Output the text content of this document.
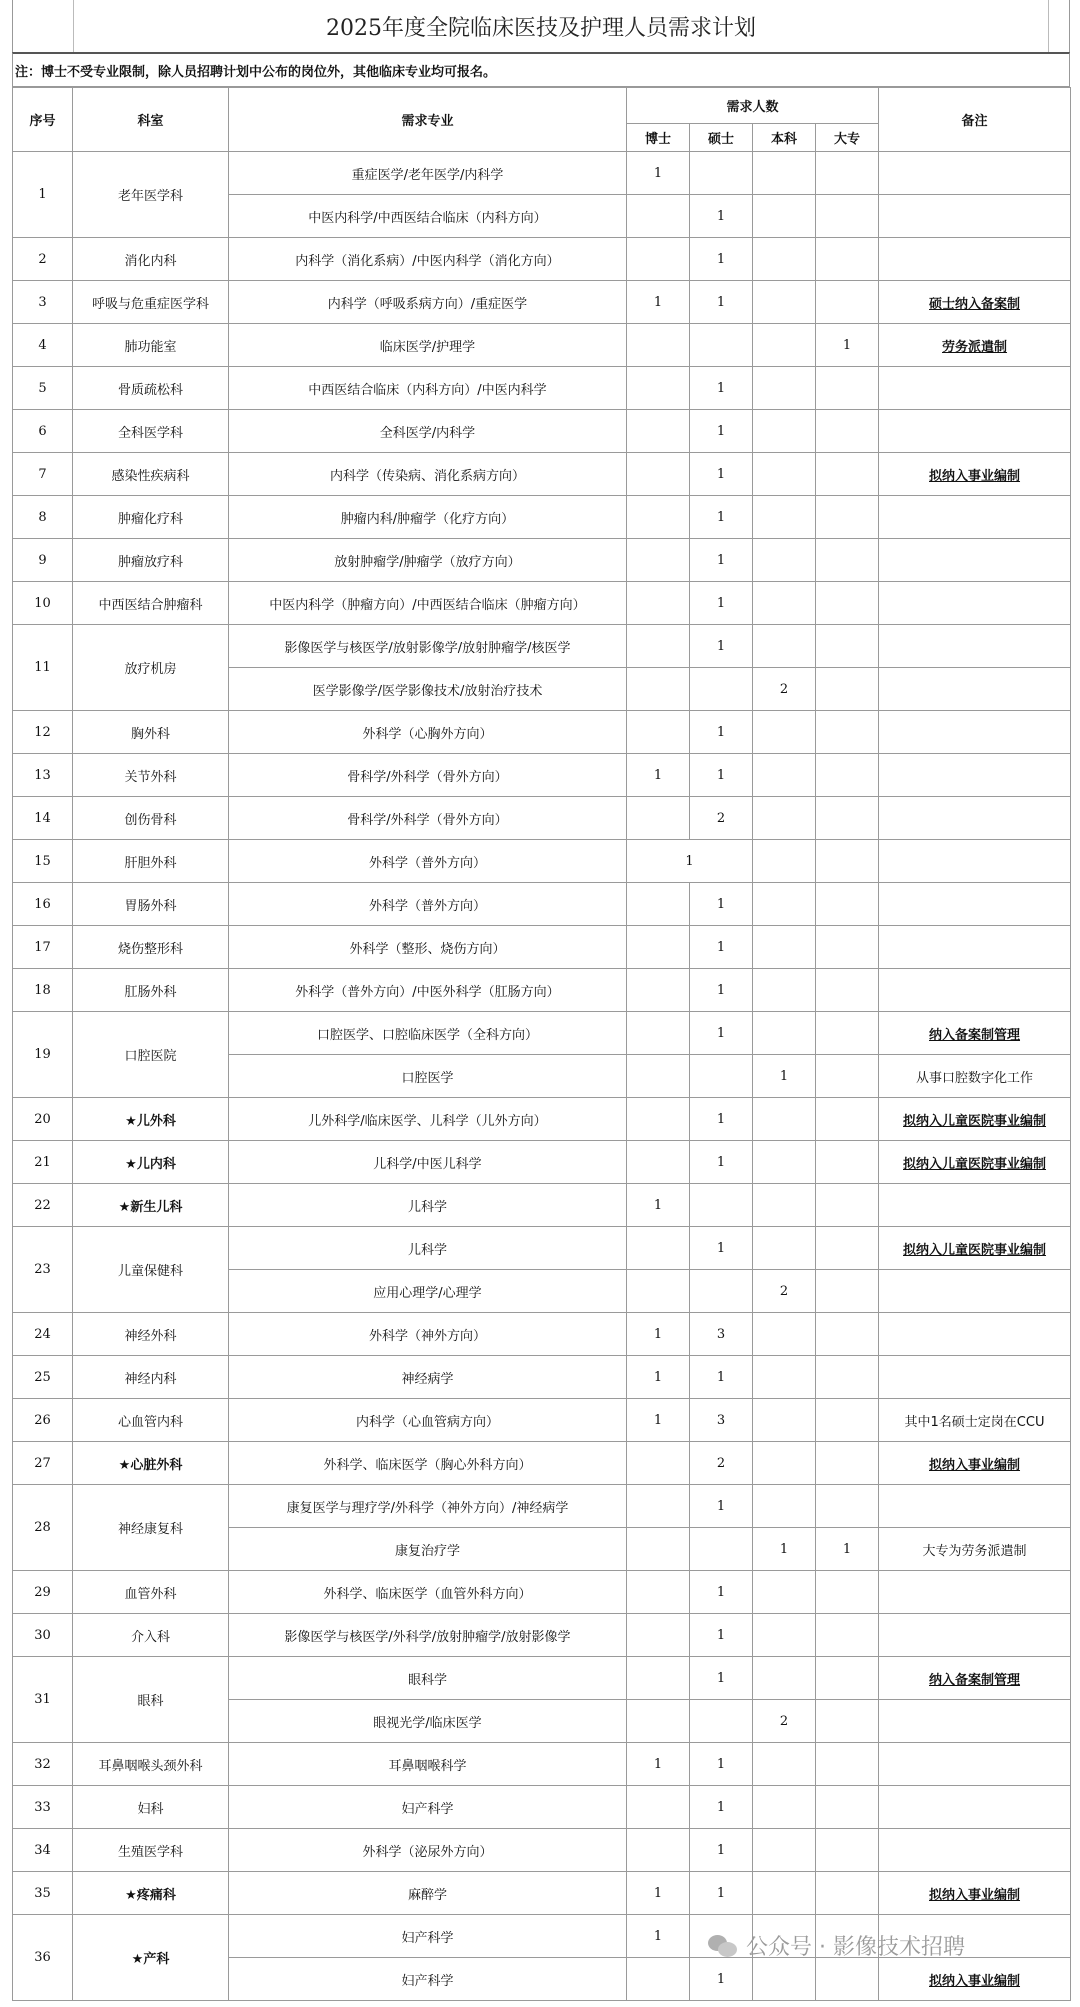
2025年度全院临床医技及护理人员需求计划
注：博士不受专业限制，除人员招聘计划中公布的岗位外，其他临床专业均可报名。
序号	科室	需求专业	需求人数				备注
			博士	硕士	本科	大专	
1	老年医学科	重症医学/老年医学/内科学	1				
		中医内科学/中西医结合临床（内科方向）		1			
2	消化内科	内科学（消化系病）/中医内科学（消化方向）		1			
3	呼吸与危重症医学科	内科学（呼吸系病方向）/重症医学	1	1			硕士纳入备案制
4	肺功能室	临床医学/护理学				1	劳务派遣制
5	骨质疏松科	中西医结合临床（内科方向）/中医内科学		1			
6	全科医学科	全科医学/内科学		1			
7	感染性疾病科	内科学（传染病、消化系病方向）		1			拟纳入事业编制
8	肿瘤化疗科	肿瘤内科/肿瘤学（化疗方向）		1			
9	肿瘤放疗科	放射肿瘤学/肿瘤学（放疗方向）		1			
10	中西医结合肿瘤科	中医内科学（肿瘤方向）/中西医结合临床（肿瘤方向）		1			
11	放疗机房	影像医学与核医学/放射影像学/放射肿瘤学/核医学		1			
		医学影像学/医学影像技术/放射治疗技术			2		
12	胸外科	外科学（心胸外方向）		1			
13	关节外科	骨科学/外科学（骨外方向）	1	1			
14	创伤骨科	骨科学/外科学（骨外方向）		2			
15	肝胆外科	外科学（普外方向）	1				
16	胃肠外科	外科学（普外方向）		1			
17	烧伤整形科	外科学（整形、烧伤方向）		1			
18	肛肠外科	外科学（普外方向）/中医外科学（肛肠方向）		1			
19	口腔医院	口腔医学、口腔临床医学（全科方向）		1			纳入备案制管理
		口腔医学			1		从事口腔数字化工作
20	★儿外科	儿外科学/临床医学、儿科学（儿外方向）		1			拟纳入儿童医院事业编制
21	★儿内科	儿科学/中医儿科学		1			拟纳入儿童医院事业编制
22	★新生儿科	儿科学	1				
23	儿童保健科	儿科学		1			拟纳入儿童医院事业编制
		应用心理学/心理学			2		
24	神经外科	外科学（神外方向）	1	3			
25	神经内科	神经病学	1	1			
26	心血管内科	内科学（心血管病方向）	1	3			其中1名硕士定岗在CCU
27	★心脏外科	外科学、临床医学（胸心外科方向）		2			拟纳入事业编制
28	神经康复科	康复医学与理疗学/外科学（神外方向）/神经病学		1			
		康复治疗学			1	1	大专为劳务派遣制
29	血管外科	外科学、临床医学（血管外科方向）		1			
30	介入科	影像医学与核医学/外科学/放射肿瘤学/放射影像学		1			
31	眼科	眼科学		1			纳入备案制管理
		眼视光学/临床医学			2		
32	耳鼻咽喉头颈外科	耳鼻咽喉科学	1	1			
33	妇科	妇产科学		1			
34	生殖医学科	外科学（泌尿外方向）		1			
35	★疼痛科	麻醉学	1	1			拟纳入事业编制
36	★产科	妇产科学	1				
		妇产科学		1			拟纳入事业编制
公众号 · 影像技术招聘
